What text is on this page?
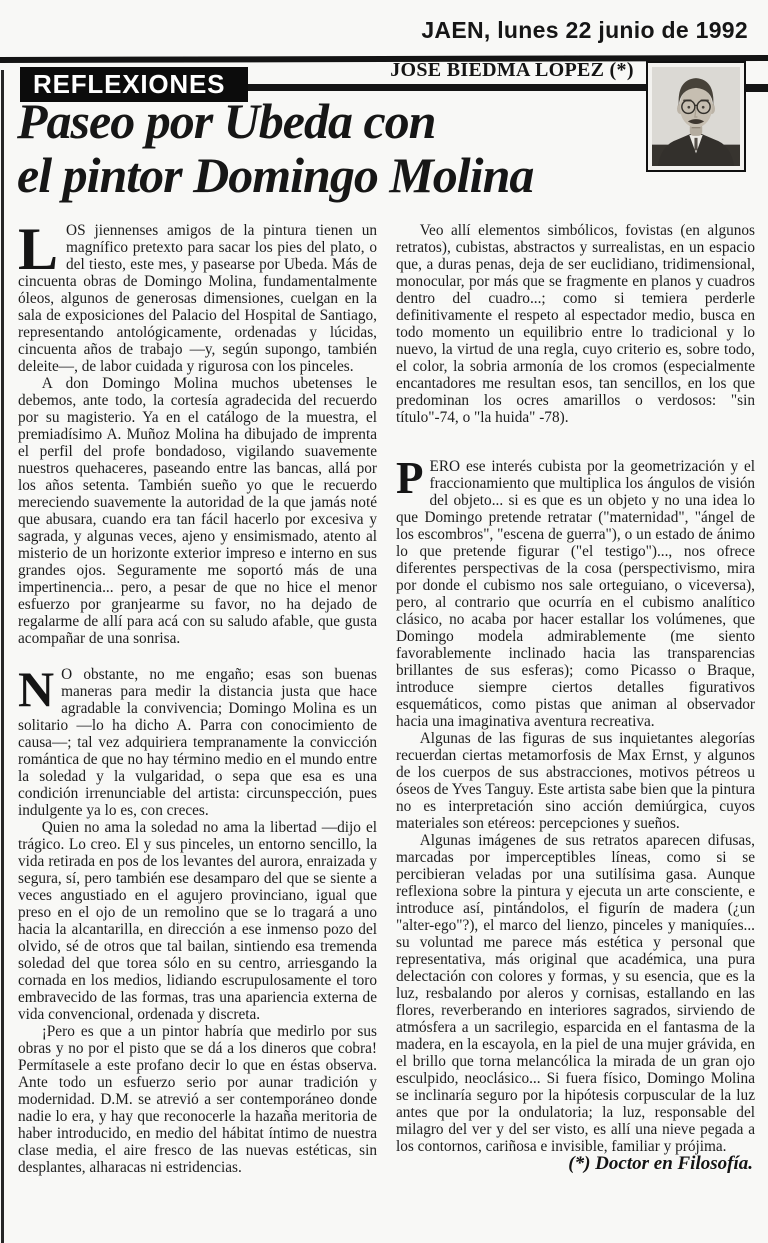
JAEN, lunes 22 junio de 1992
REFLEXIONES	JOSE BIEDMA LOPEZ (*)
Paseo por Ubeda con
el pintor Domingo Molina

LOS jiennenses amigos de la pintura tienen un magnífico pretexto para sacar los pies del plato, o del tiesto, este mes, y pasearse por Ubeda. Más de cincuenta obras de Domingo Molina, fundamentalmente óleos, algunos de generosas dimensiones, cuelgan en la sala de exposiciones del Palacio del Hospital de Santiago, representando antológicamente, ordenadas y lúcidas, cincuenta años de trabajo —y, según supongo, también deleite—, de labor cuidada y rigurosa con los pinceles.

A don Domingo Molina muchos ubetenses le debemos, ante todo, la cortesía agradecida del recuerdo por su magisterio. Ya en el catálogo de la muestra, el premiadísimo A. Muñoz Molina ha dibujado de imprenta el perfil del profe bondadoso, vigilando suavemente nuestros quehaceres, paseando entre las bancas, allá por los años setenta. También sueño yo que le recuerdo mereciendo suavemente la autoridad de la que jamás noté que abusara, cuando era tan fácil hacerlo por excesiva y sagrada, y algunas veces, ajeno y ensimismado, atento al misterio de un horizonte exterior impreso e interno en sus grandes ojos. Seguramente me soportó más de una impertinencia... pero, a pesar de que no hice el menor esfuerzo por granjearme su favor, no ha dejado de regalarme de allí para acá con su saludo afable, que gusta acompañar de una sonrisa.

N O obstante, no me engaño; esas son buenas maneras para medir la distancia justa que hace agradable la convivencia; Domingo Molina es un solitario —lo ha dicho A. Parra con conocimiento de causa—; tal vez adquiriera tempranamente la convicción romántica de que no hay término medio en el mundo entre la soledad y la vulgaridad, o sepa que esa es una condición irrenunciable del artista: circunspección, pues indulgente ya lo es, con creces.

Quien no ama la soledad no ama la libertad —dijo el trágico. Lo creo. El y sus pinceles, un entorno sencillo, la vida retirada en pos de los levantes del aurora, enraizada y segura, sí, pero también ese desamparo del que se siente a veces angustiado en el agujero provinciano, igual que preso en el ojo de un remolino que se lo tragará a uno hacia la alcantarilla, en dirección a ese inmenso pozo del olvido, sé de otros que tal bailan, sintiendo esa tremenda soledad del que torea sólo en su centro, arriesgando la cornada en los medios, lidiando escrupulosamente el toro embravecido de las formas, tras una apariencia externa de vida convencional, ordenada y discreta.

¡Pero es que a un pintor habría que medirlo por sus obras y no por el pisto que se dá a los dineros que cobra! Permítasele a este profano decir lo que en éstas observa. Ante todo un esfuerzo serio por aunar tradición y modernidad. D.M. se atrevió a ser contemporáneo donde nadie lo era, y hay que reconocerle la hazaña meritoria de haber introducido, en medio del hábitat íntimo de nuestra clase media, el aire fresco de las nuevas estéticas, sin desplantes, alharacas ni estridencias.

Veo allí elementos simbólicos, fovistas (en algunos retratos), cubistas, abstractos y surrealistas, en un espacio que, a duras penas, deja de ser euclidiano, tridimensional, monocular, por más que se fragmente en planos y cuadros dentro del cuadro...; como si temiera perderle definitivamente el respeto al espectador medio, busca en todo momento un equilibrio entre lo tradicional y lo nuevo, la virtud de una regla, cuyo criterio es, sobre todo, el color, la sobria armonía de los cromos (especialmente encantadores me resultan esos, tan sencillos, en los que predominan los ocres amarillos o verdosos: "sin título"-74, o "la huida" -78).

PERO ese interés cubista por la geometrización y el fraccionamiento que multiplica los ángulos de visión del objeto... si es que es un objeto y no una idea lo que Domingo pretende retratar ("maternidad", "ángel de los escombros", "escena de guerra"), o un estado de ánimo lo que pretende figurar ("el testigo")..., nos ofrece diferentes perspectivas de la cosa (perspectivismo, mira por donde el cubismo nos sale orteguiano, o viceversa), pero, al contrario que ocurría en el cubismo analítico clásico, no acaba por hacer estallar los volúmenes, que Domingo modela admirablemente (me siento favorablemente inclinado hacia las transparencias brillantes de sus esferas); como Picasso o Braque, introduce siempre ciertos detalles figurativos esquemáticos, como pistas que animan al observador hacia una imaginativa aventura recreativa.

Algunas de las figuras de sus inquietantes alegorías recuerdan ciertas metamorfosis de Max Ernst, y algunos de los cuerpos de sus abstracciones, motivos pétreos u óseos de Yves Tanguy. Este artista sabe bien que la pintura no es interpretación sino acción demiúrgica, cuyos materiales son etéreos: percepciones y sueños.

Algunas imágenes de sus retratos aparecen difusas, marcadas por imperceptibles líneas, como si se percibieran veladas por una sutilísima gasa. Aunque reflexiona sobre la pintura y ejecuta un arte consciente, e introduce así, pintándolos, el figurín de madera (¿un "alter-ego"?), el marco del lienzo, pinceles y maniquíes... su voluntad me parece más estética y personal que representativa, más original que académica, una pura delectación con colores y formas, y su esencia, que es la luz, resbalando por aleros y cornisas, estallando en las flores, reverberando en interiores sagrados, sirviendo de atmósfera a un sacrilegio, esparcida en el fantasma de la madera, en la escayola, en la piel de una mujer grávida, en el brillo que torna melancólica la mirada de un gran ojo esculpido, neoclásico... Si fuera físico, Domingo Molina se inclinaría seguro por la hipótesis corpuscular de la luz antes que por la ondulatoria; la luz, responsable del milagro del ver y del ser visto, es allí una nieve pegada a los contornos, cariñosa e invisible, familiar y prójima.

(*) Doctor en Filosofía.
